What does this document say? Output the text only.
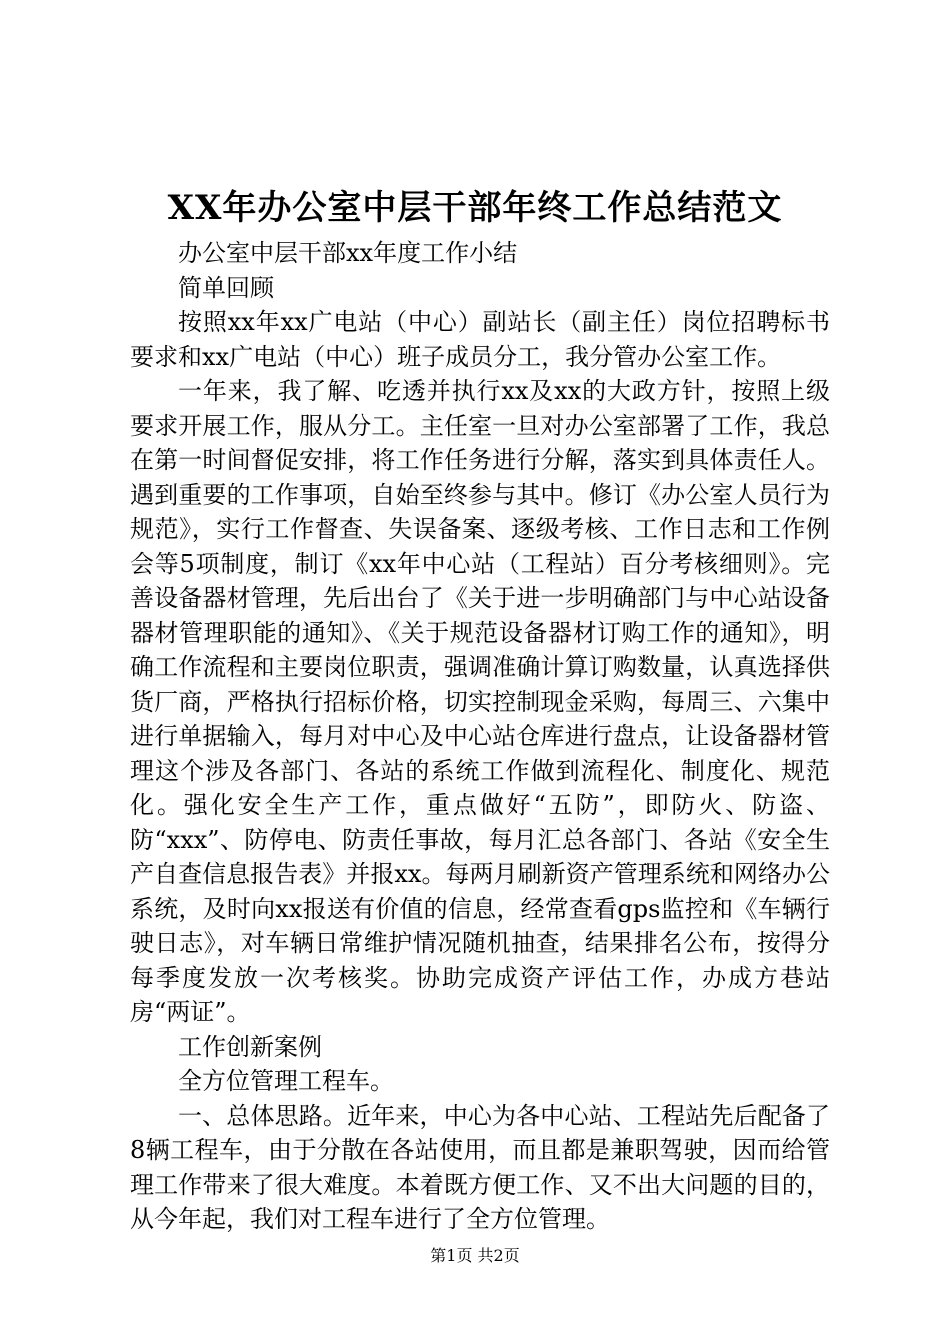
XX年办公室中层干部年终工作总结范文

办公室中层干部xx年度工作小结

简单回顾

按照xx年xx广电站（中心）副站长（副主任）岗位招聘标书要求和xx广电站（中心）班子成员分工，我分管办公室工作。

一年来，我了解、吃透并执行xx及xx的大政方针，按照上级要求开展工作，服从分工。主任室一旦对办公室部署了工作，我总在第一时间督促安排，将工作任务进行分解，落实到具体责任人。遇到重要的工作事项，自始至终参与其中。修订《办公室人员行为规范》，实行工作督查、失误备案、逐级考核、工作日志和工作例会等5项制度，制订《xx年中心站（工程站）百分考核细则》。完善设备器材管理，先后出台了《关于进一步明确部门与中心站设备器材管理职能的通知》、《关于规范设备器材订购工作的通知》，明确工作流程和主要岗位职责，强调准确计算订购数量，认真选择供货厂商，严格执行招标价格，切实控制现金采购，每周三、六集中进行单据输入，每月对中心及中心站仓库进行盘点，让设备器材管理这个涉及各部门、各站的系统工作做到流程化、制度化、规范化。强化安全生产工作，重点做好“五防”，即防火、防盗、防“xxx”、防停电、防责任事故，每月汇总各部门、各站《安全生产自查信息报告表》并报xx。每两月刷新资产管理系统和网络办公系统，及时向xx报送有价值的信息，经常查看gps监控和《车辆行驶日志》，对车辆日常维护情况随机抽查，结果排名公布，按得分每季度发放一次考核奖。协助完成资产评估工作，办成方巷站房“两证”。

工作创新案例

全方位管理工程车。

一、总体思路。近年来，中心为各中心站、工程站先后配备了8辆工程车，由于分散在各站使用，而且都是兼职驾驶，因而给管理工作带来了很大难度。本着既方便工作、又不出大问题的目的，从今年起，我们对工程车进行了全方位管理。

第1页 共2页
